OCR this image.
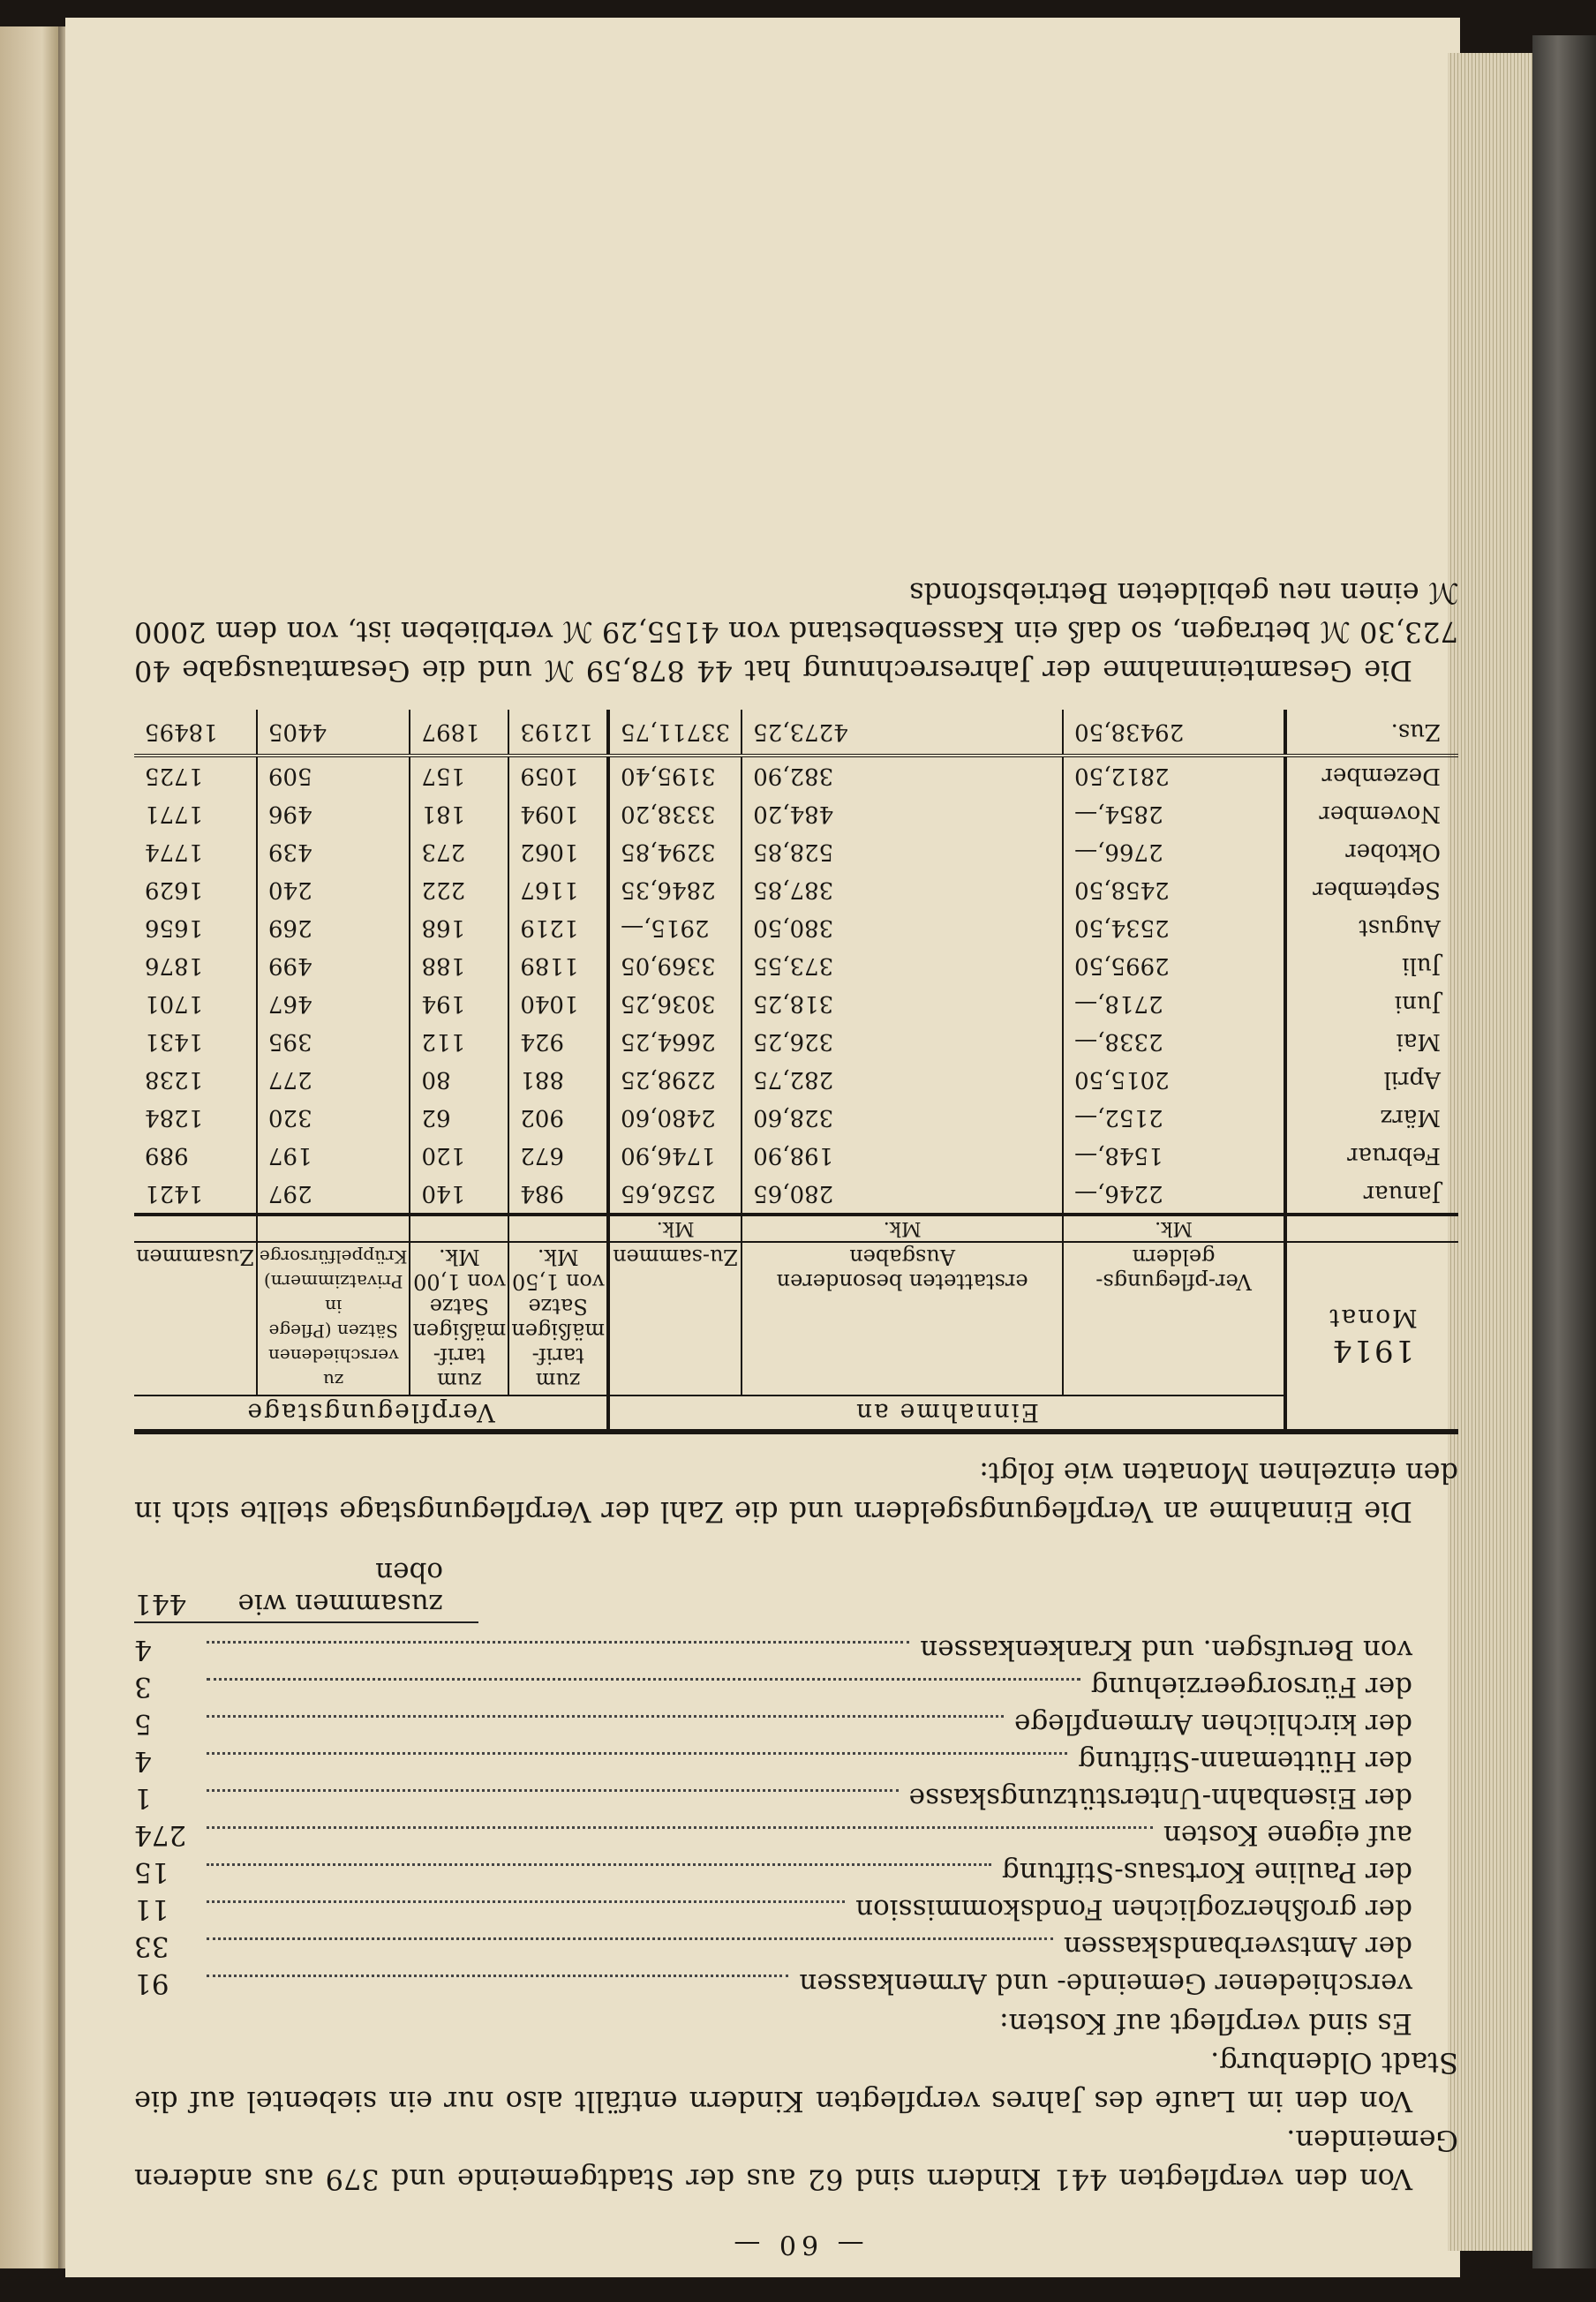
— 60 —

Von den verpflegten 441 Kindern sind 62 aus der Stadtgemeinde und 379 aus anderen Gemeinden.

Von den im Laufe des Jahres verpflegten Kindern entfällt also nur ein siebentel auf die Stadt Oldenburg.

Es sind verpflegt auf Kosten:

verschiedener Gemeinde- und Armenkassen
91
der Amtsverbandskassen
33
der großherzoglichen Fondskommission
11
der Pauline Kortsaus-Stiftung
15
auf eigene Kosten
274
der Eisenbahn-Unterstützungskasse
1
der Hüttemann-Stiftung
4
der kirchlichen Armenpflege
5
der Fürsorgeerziehung
3
von Berufsgen. und Krankenkassen
4
zusammen wie oben
441

Die Einnahme an Verpflegungsgeldern und die Zahl der Verpflegungstage stellte sich in den einzelnen Monaten wie folgt:

1914
Monat	Einnahme an			Verpflegungstage			
	Ver-pflegungs-geldern	erstatteten besonderen Ausgaben	Zu-sammen	zum tarif-mäßigen Satze von 1,50 Mk.	zum tarif-mäßigen Satze von 1,00 Mk.	zu verschiedenen Sätzen (Pflege in Privatzimmern) Krüppelfürsorge	Zusammen
	Mk.	Mk.	Mk.				
Januar	2246,—	280,65	2526,65	984	140	297	1421
Februar	1548,—	198,90	1746,90	672	120	197	989
März	2152,—	328,60	2480,60	902	62	320	1284
April	2015,50	282,75	2298,25	881	80	277	1238
Mai	2338,—	326,25	2664,25	924	112	395	1431
Juni	2718,—	318,25	3036,25	1040	194	467	1701
Juli	2995,50	373,55	3369,05	1189	188	499	1876
August	2534,50	380,50	2915,—	1219	168	269	1656
September	2458,50	387,85	2846,35	1167	222	240	1629
Oktober	2766,—	528,85	3294,85	1062	273	439	1774
November	2854,—	484,20	3338,20	1094	181	496	1771
Dezember	2812,50	382,90	3195,40	1059	157	509	1725
Zus.	29438,50	4273,25	33711,75	12193	1897	4405	18495

Die Gesamteinnahme der Jahresrechnung hat 44 878,59 ℳ und die Gesamtausgabe 40 723,30 ℳ betragen, so daß ein Kassenbestand von 4155,29 ℳ verblieben ist, von dem 2000 ℳ einen neu gebildeten Betriebsfonds
